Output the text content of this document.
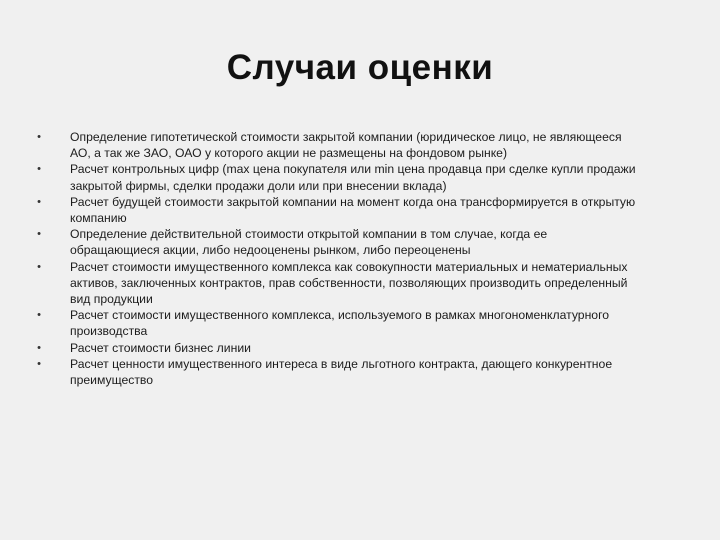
Случаи оценки
• Определение гипотетической стоимости закрытой компании (юридическое лицо, не являющееся АО, а так же ЗАО, ОАО у которого акции не размещены на фондовом рынке)
• Расчет контрольных цифр (max цена покупателя или min цена продавца при сделке купли продажи закрытой фирмы, сделки продажи доли или при внесении вклада)
• Расчет будущей стоимости закрытой компании на момент когда она трансформируется в открытую компанию
• Определение действительной стоимости открытой компании в том случае, когда ее обращающиеся акции, либо недооценены рынком, либо переоценены
• Расчет стоимости имущественного комплекса как совокупности материальных и нематериальных активов, заключенных контрактов, прав собственности, позволяющих производить определенный вид продукции
• Расчет стоимости имущественного комплекса, используемого в рамках многономенклатурного производства
• Расчет стоимости бизнес линии
• Расчет ценности имущественного интереса в виде льготного контракта, дающего конкурентное преимущество
